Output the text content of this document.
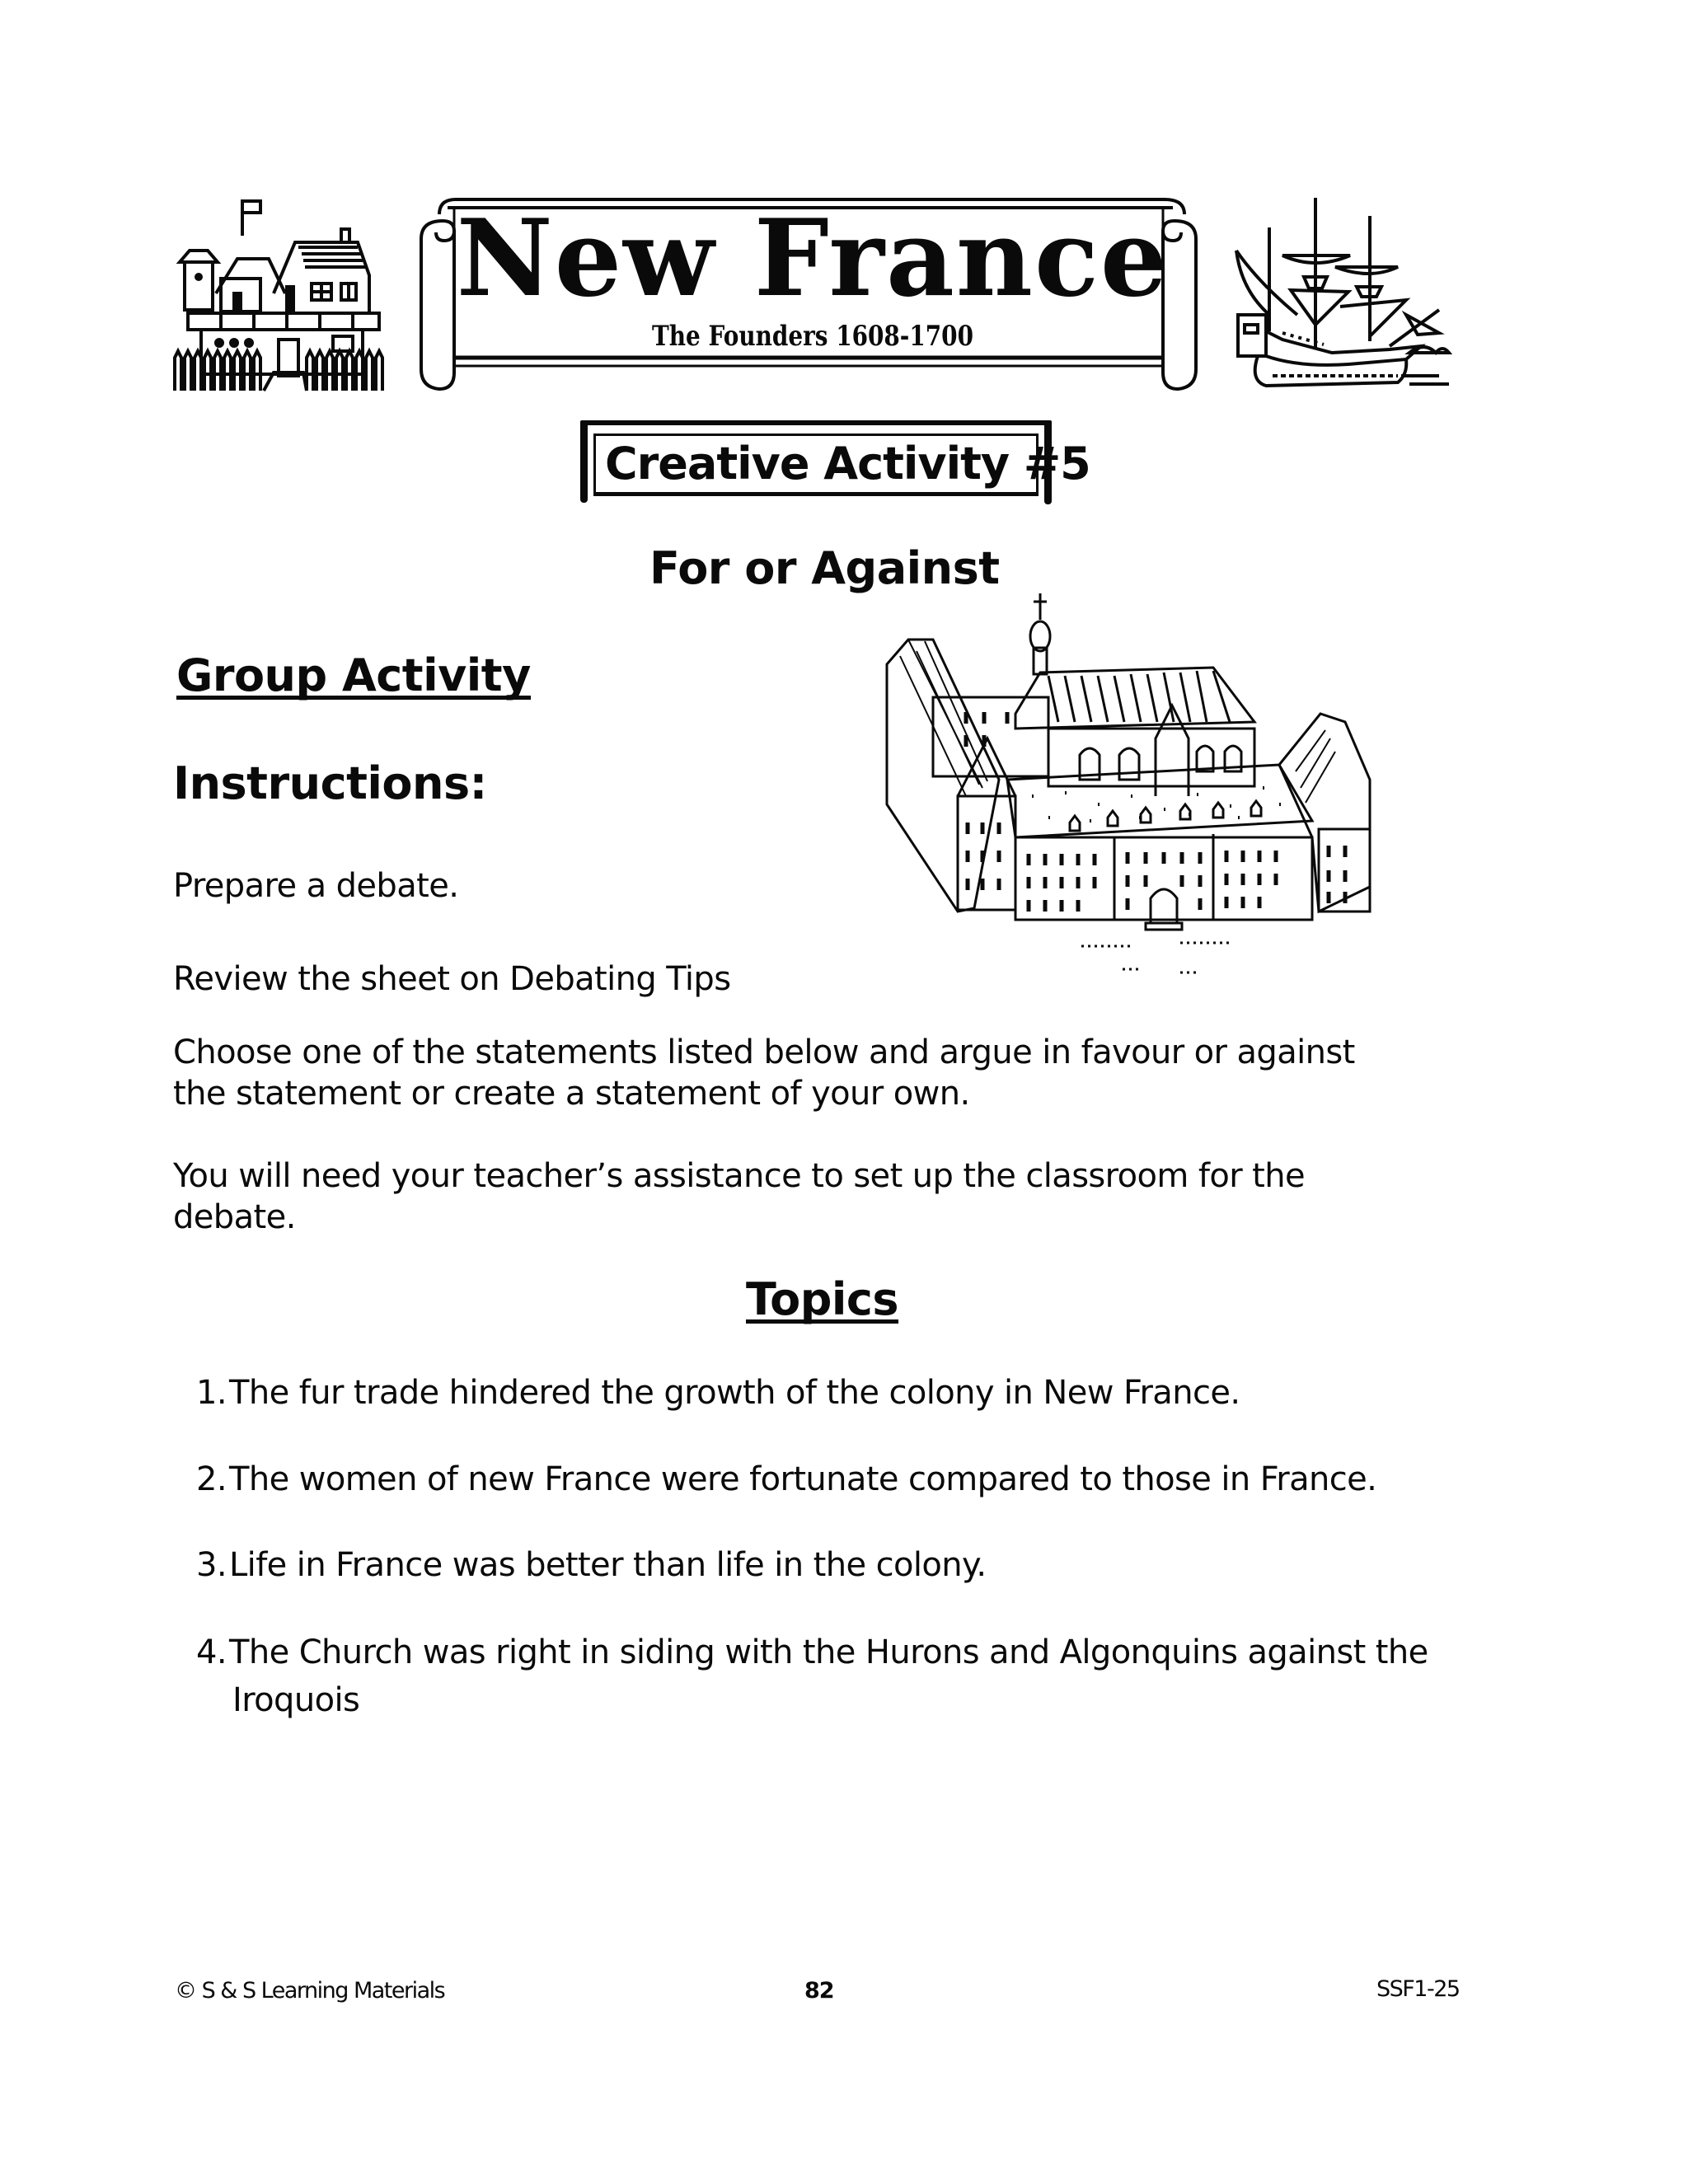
New France
The Founders 1608-1700
Creative Activity #5
For or Against
Group Activity
Instructions:
Prepare a debate.
Review the sheet on Debating Tips
Choose one of the statements listed below and argue in favour or against
the statement or create a statement of your own.
You will need your teacher’s assistance to set up the classroom for the
debate.
Topics
1.The fur trade hindered the growth of the colony in New France.
2.The women of new France were fortunate compared to those in France.
3.Life in France was better than life in the colony.
4.The Church was right in siding with the Hurons and Algonquins against the
Iroquois
© S & S Learning Materials	82	SSF1-25
